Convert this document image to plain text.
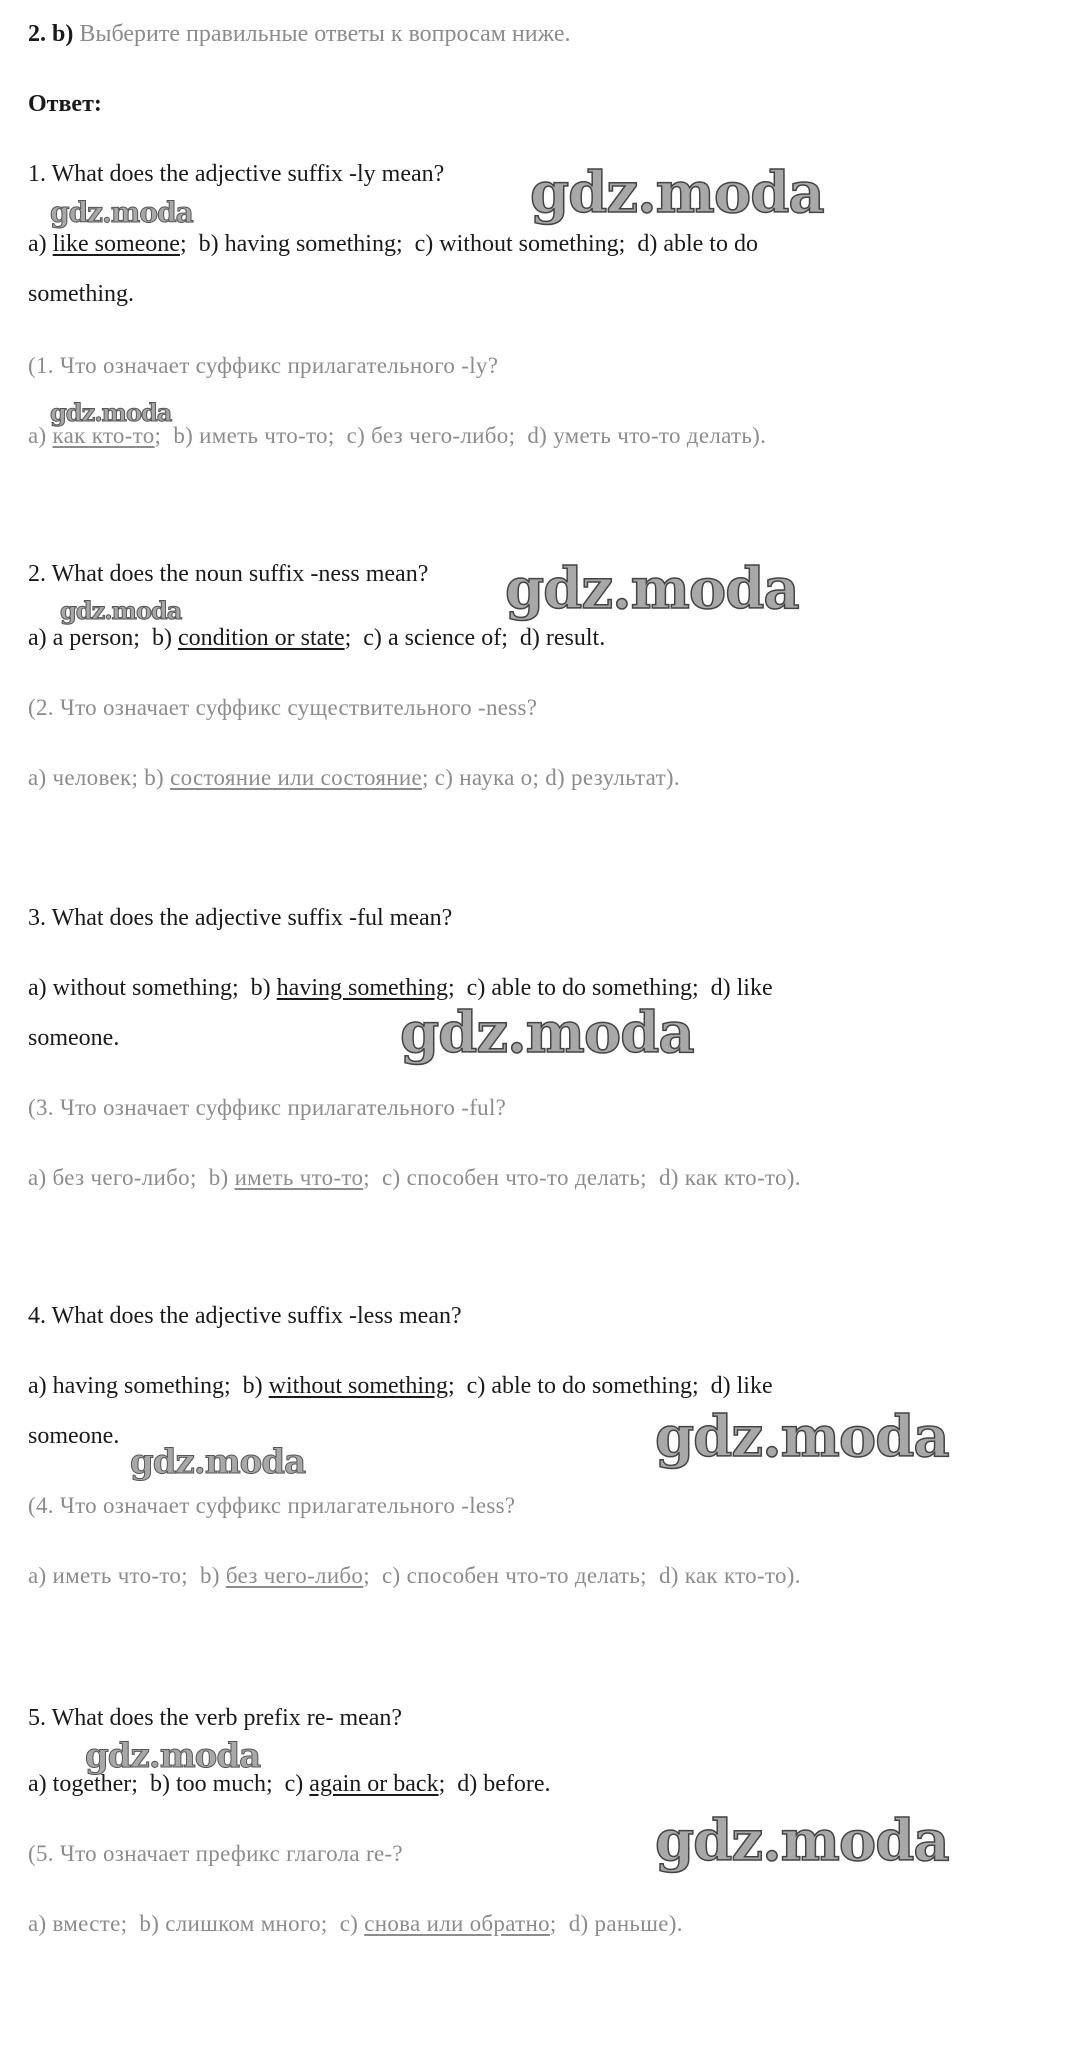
2. b) Выберите правильные ответы к вопросам ниже.
Ответ:
1. What does the adjective suffix -ly mean?
a) like someone;  b) having something;  c) without something;  d) able to do
something.
(1. Что означает суффикс прилагательного -ly?
a) как кто-то;  b) иметь что-то;  c) без чего-либо;  d) уметь что-то делать).
2. What does the noun suffix -ness mean?
a) a person;  b) condition or state;  c) a science of;  d) result.
(2. Что означает суффикс существительного -ness?
а) человек; b) состояние или состояние; c) наука о; d) результат).
3. What does the adjective suffix -ful mean?
a) without something;  b) having something;  c) able to do something;  d) like
someone.
(3. Что означает суффикс прилагательного -ful?
а) без чего-либо;  b) иметь что-то;  c) способен что-то делать;  d) как кто-то).
4. What does the adjective suffix -less mean?
a) having something;  b) without something;  c) able to do something;  d) like
someone.
(4. Что означает суффикс прилагательного -less?
а) иметь что-то;  b) без чего-либо;  c) способен что-то делать;  d) как кто-то).
5. What does the verb prefix re- mean?
a) together;  b) too much;  c) again or back;  d) before.
(5. Что означает префикс глагола re-?
а) вместе;  b) слишком много;  c) снова или обратно;  d) раньше).
gdz.moda
gdz.moda
gdz.moda
gdz.moda
gdz.moda
gdz.moda
gdz.moda
gdz.moda
gdz.moda
gdz.moda
